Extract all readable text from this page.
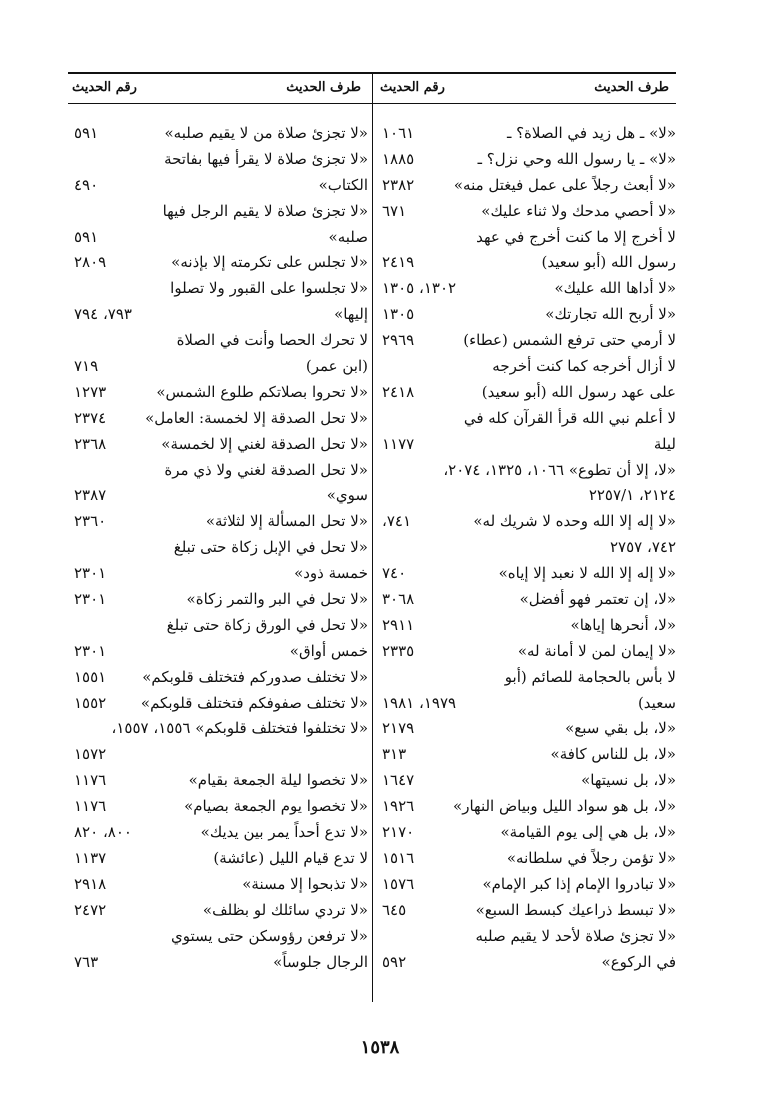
طرف الحديث
رقم الحديث
طرف الحديث
رقم الحديث
«لا» ـ هل زيد في الصلاة؟ ـ
١٠٦١
«لا» ـ يا رسول الله وحي نزل؟ ـ
١٨٨٥
«لا أبعث رجلاً على عمل فيغتل منه»
٢٣٨٢
«لا أحصي مدحك ولا ثناء عليك»
٦٧١
لا أخرج إلا ما كنت أخرج في عهد
رسول الله (أبو سعيد)
٢٤١٩
«لا أداها الله عليك»
١٣٠٢، ١٣٠٥
«لا أربح الله تجارتك»
١٣٠٥
لا أرمي حتى ترفع الشمس (عطاء)
٢٩٦٩
لا أزال أخرجه كما كنت أخرجه
على عهد رسول الله (أبو سعيد)
٢٤١٨
لا أعلم نبي الله قرأ القرآن كله في
ليلة
١١٧٧
«لا، إلا أن تطوع» ١٠٦٦، ١٣٢٥، ٢٠٧٤،
٢١٢٤، ٢٢٥٧/١
«لا إله إلا الله وحده لا شريك له»
٧٤١،
٧٤٢، ٢٧٥٧
«لا إله إلا الله لا نعبد إلا إياه»
٧٤٠
«لا، إن تعتمر فهو أفضل»
٣٠٦٨
«لا، أنحرها إياها»
٢٩١١
«لا إيمان لمن لا أمانة له»
٢٣٣٥
لا بأس بالحجامة للصائم (أبو
سعيد)
١٩٧٩، ١٩٨١
«لا، بل بقي سبع»
٢١٧٩
«لا، بل للناس كافة»
٣١٣
«لا، بل نسيتها»
١٦٤٧
«لا، بل هو سواد الليل وبياض النهار»
١٩٢٦
«لا، بل هي إلى يوم القيامة»
٢١٧٠
«لا تؤمن رجلاً في سلطانه»
١٥١٦
«لا تبادروا الإمام إذا كبر الإمام»
١٥٧٦
«لا تبسط ذراعيك كبسط السبع»
٦٤٥
«لا تجزئ صلاة لأحد لا يقيم صلبه
في الركوع»
٥٩٢
«لا تجزئ صلاة من لا يقيم صلبه»
٥٩١
«لا تجزئ صلاة لا يقرأ فيها بفاتحة
الكتاب»
٤٩٠
«لا تجزئ صلاة لا يقيم الرجل فيها
صلبه»
٥٩١
«لا تجلس على تكرمته إلا بإذنه»
٢٨٠٩
«لا تجلسوا على القبور ولا تصلوا
إليها»
٧٩٣، ٧٩٤
لا تحرك الحصا وأنت في الصلاة
(ابن عمر)
٧١٩
«لا تحروا بصلاتكم طلوع الشمس»
١٢٧٣
«لا تحل الصدقة إلا لخمسة: العامل»
٢٣٧٤
«لا تحل الصدقة لغني إلا لخمسة»
٢٣٦٨
«لا تحل الصدقة لغني ولا ذي مرة
سوي»
٢٣٨٧
«لا تحل المسألة إلا لثلاثة»
٢٣٦٠
«لا تحل في الإبل زكاة حتى تبلغ
خمسة ذود»
٢٣٠١
«لا تحل في البر والتمر زكاة»
٢٣٠١
«لا تحل في الورق زكاة حتى تبلغ
خمس أواق»
٢٣٠١
«لا تختلف صدوركم فتختلف قلوبكم»
١٥٥١
«لا تختلف صفوفكم فتختلف قلوبكم»
١٥٥٢
«لا تختلفوا فتختلف قلوبكم» ١٥٥٦، ١٥٥٧،
١٥٧٢
«لا تخصوا ليلة الجمعة بقيام»
١١٧٦
«لا تخصوا يوم الجمعة بصيام»
١١٧٦
«لا تدع أحداً يمر بين يديك»
٨٠٠، ٨٢٠
لا تدع قيام الليل (عائشة)
١١٣٧
«لا تذبحوا إلا مسنة»
٢٩١٨
«لا تردي سائلك لو بظلف»
٢٤٧٢
«لا ترفعن رؤوسكن حتى يستوي
الرجال جلوساً»
٧٦٣
١٥٣٨
